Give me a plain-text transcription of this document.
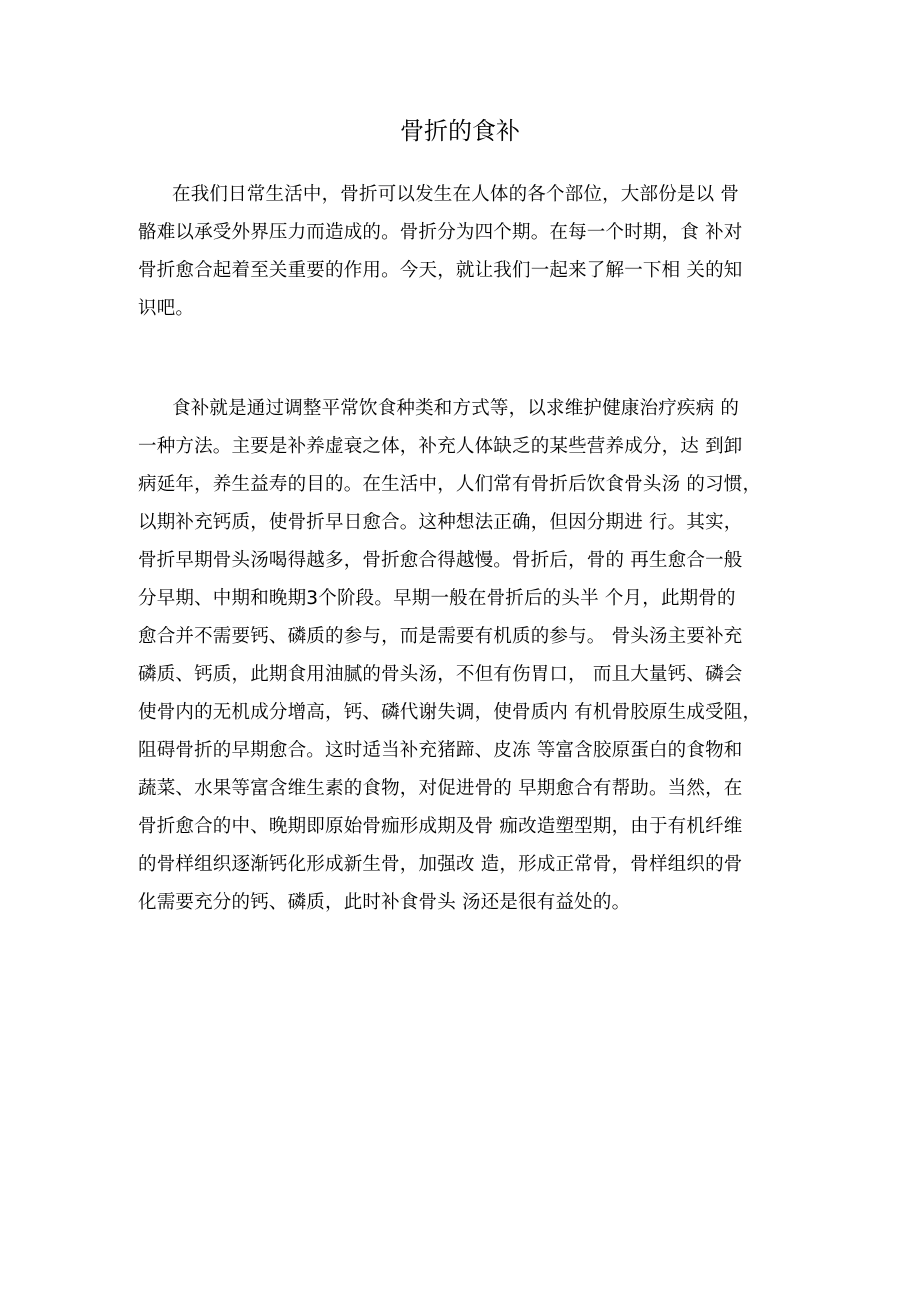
骨折的食补
在我们日常生活中，骨折可以发生在人体的各个部位，大部份是以 骨
骼难以承受外界压力而造成的。骨折分为四个期。在每一个时期，食 补对
骨折愈合起着至关重要的作用。今天，就让我们一起来了解一下相 关的知
识吧。
食补就是通过调整平常饮食种类和方式等，以求维护健康治疗疾病 的
一种方法。主要是补养虚衰之体，补充人体缺乏的某些营养成分，达 到卸
病延年，养生益寿的目的。在生活中，人们常有骨折后饮食骨头汤 的习惯，
以期补充钙质，使骨折早日愈合。这种想法正确，但因分期进 行。其实，
骨折早期骨头汤喝得越多，骨折愈合得越慢。骨折后，骨的 再生愈合一般
分早期、中期和晚期3个阶段。早期一般在骨折后的头半 个月，此期骨的
愈合并不需要钙、磷质的参与，而是需要有机质的参与。 骨头汤主要补充
磷质、钙质，此期食用油腻的骨头汤，不但有伤胃口， 而且大量钙、磷会
使骨内的无机成分增高，钙、磷代谢失调，使骨质内 有机骨胶原生成受阻，
阻碍骨折的早期愈合。这时适当补充猪蹄、皮冻 等富含胶原蛋白的食物和
蔬菜、水果等富含维生素的食物，对促进骨的 早期愈合有帮助。当然，在
骨折愈合的中、晚期即原始骨痂形成期及骨 痂改造塑型期，由于有机纤维
的骨样组织逐渐钙化形成新生骨，加强改 造，形成正常骨，骨样组织的骨
化需要充分的钙、磷质，此时补食骨头 汤还是很有益处的。
